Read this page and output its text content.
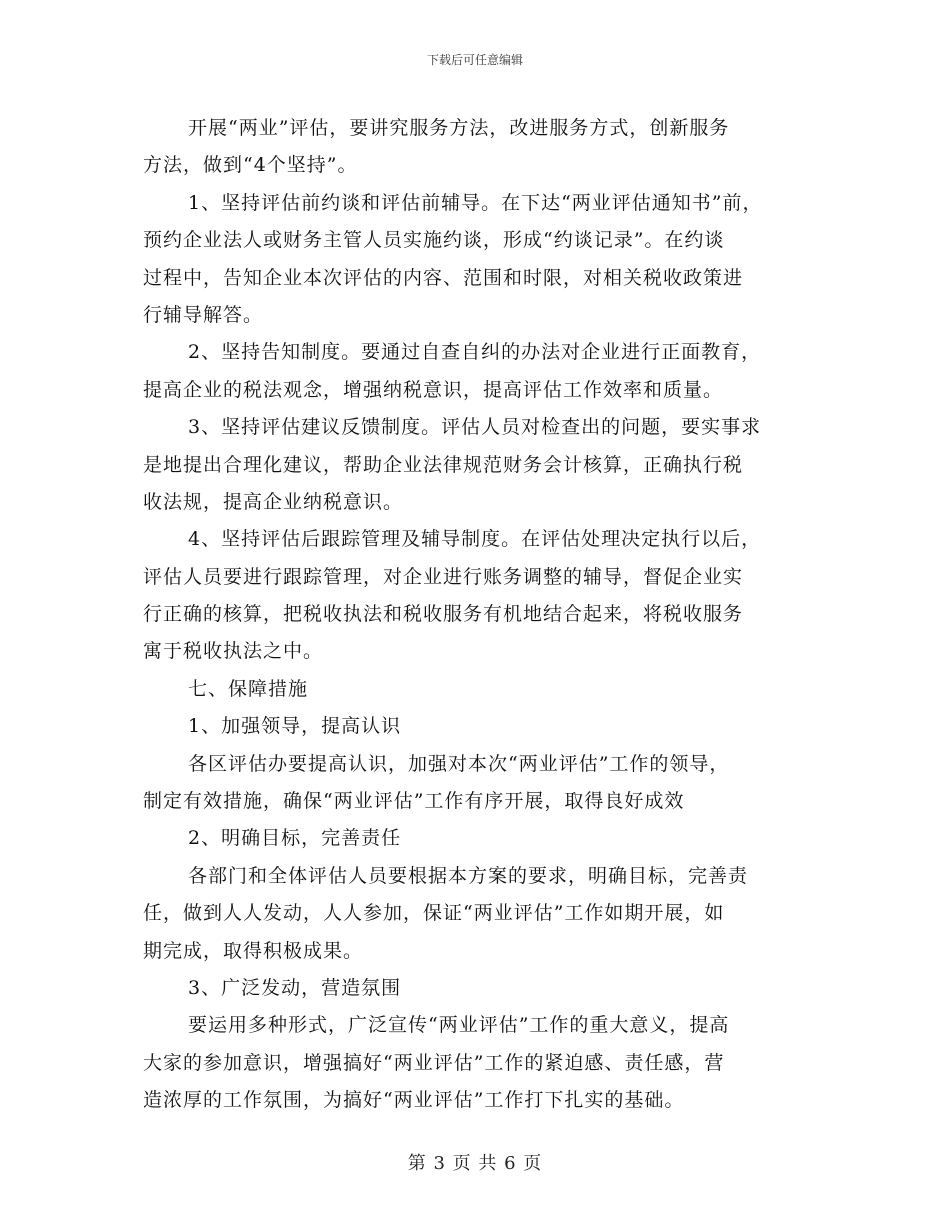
下载后可任意编辑
开展“两业”评估，要讲究服务方法，改进服务方式，创新服务
方法，做到“4个坚持”。
1、坚持评估前约谈和评估前辅导。在下达“两业评估通知书”前，
预约企业法人或财务主管人员实施约谈，形成“约谈记录”。在约谈
过程中，告知企业本次评估的内容、范围和时限，对相关税收政策进
行辅导解答。
2、坚持告知制度。要通过自查自纠的办法对企业进行正面教育，
提高企业的税法观念，增强纳税意识，提高评估工作效率和质量。
3、坚持评估建议反馈制度。评估人员对检查出的问题，要实事求
是地提出合理化建议，帮助企业法律规范财务会计核算，正确执行税
收法规，提高企业纳税意识。
4、坚持评估后跟踪管理及辅导制度。在评估处理决定执行以后，
评估人员要进行跟踪管理，对企业进行账务调整的辅导，督促企业实
行正确的核算，把税收执法和税收服务有机地结合起来，将税收服务
寓于税收执法之中。
七、保障措施
1、加强领导，提高认识
各区评估办要提高认识，加强对本次“两业评估”工作的领导，
制定有效措施，确保“两业评估”工作有序开展，取得良好成效
2、明确目标，完善责任
各部门和全体评估人员要根据本方案的要求，明确目标，完善责
任，做到人人发动，人人参加，保证“两业评估”工作如期开展，如
期完成，取得积极成果。
3、广泛发动，营造氛围
要运用多种形式，广泛宣传“两业评估”工作的重大意义，提高
大家的参加意识，增强搞好“两业评估”工作的紧迫感、责任感，营
造浓厚的工作氛围，为搞好“两业评估”工作打下扎实的基础。
第 3 页 共 6 页
